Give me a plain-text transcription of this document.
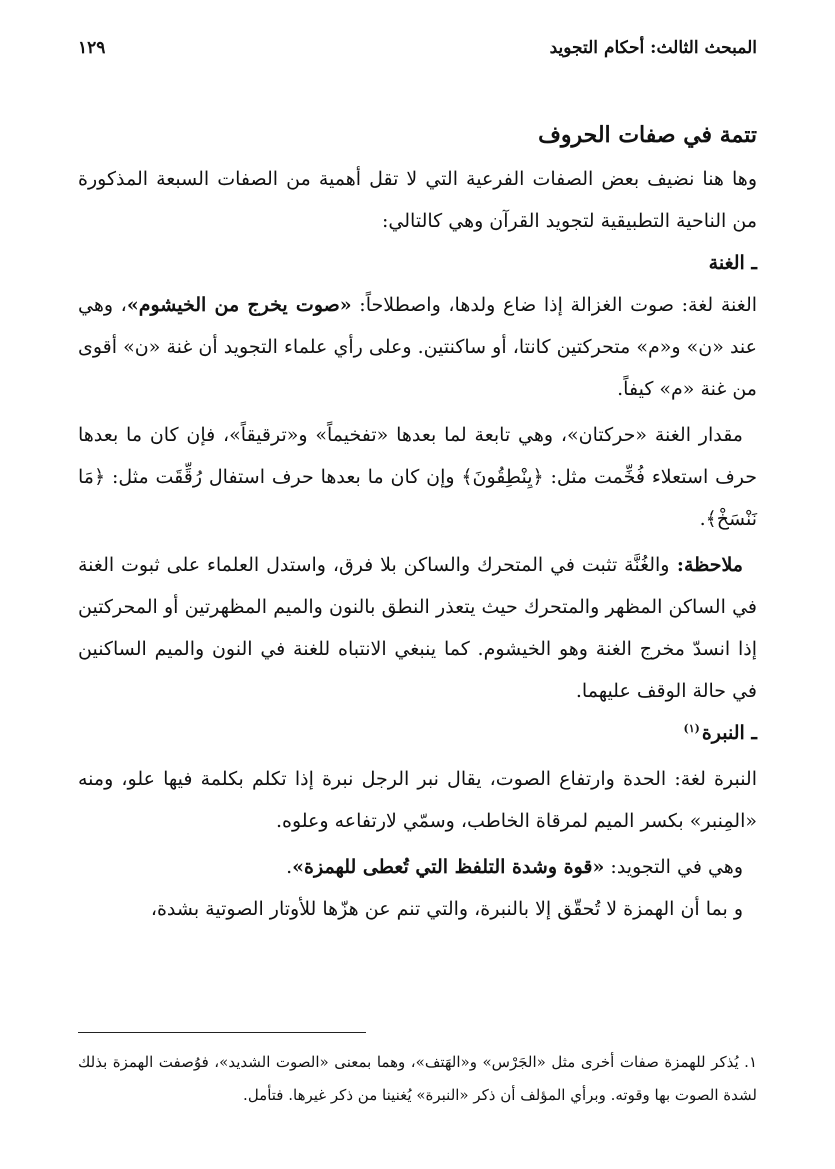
المبحث الثالث: أحكام التجويد
١٢٩
تتمة في صفات الحروف

وها هنا نضيف بعض الصفات الفرعية التي لا تقل أهمية من الصفات السبعة المذكورة من الناحية التطبيقية لتجويد القرآن وهي كالتالي:

ـ الغنة

الغنة لغة: صوت الغزالة إذا ضاع ولدها، واصطلاحاً: «صوت يخرج من الخيشوم»، وهي عند «ن» و«م» متحركتين كانتا، أو ساكنتين. وعلى رأي علماء التجويد أن غنة «ن» أقوى من غنة «م» كيفاً.

مقدار الغنة «حركتان»، وهي تابعة لما بعدها «تفخيماً» و«ترقيقاً»، فإن كان ما بعدها حرف استعلاء فُخِّمت مثل: ﴿يِنْطِقُونَ﴾ وإن كان ما بعدها حرف استفال رُقِّقَت مثل: ﴿مَا نَنْسَخْ﴾.

ملاحظة: والغُنَّة تثبت في المتحرك والساكن بلا فرق، واستدل العلماء على ثبوت الغنة في الساكن المظهر والمتحرك حيث يتعذر النطق بالنون والميم المظهرتين أو المحركتين إذا انسدّ مخرج الغنة وهو الخيشوم. كما ينبغي الانتباه للغنة في النون والميم الساكنين في حالة الوقف عليهما.

ـ النبرة$^{(١)}$

النبرة لغة: الحدة وارتفاع الصوت، يقال نبر الرجل نبرة إذا تكلم بكلمة فيها علو، ومنه «المِنبر» بكسر الميم لمرقاة الخاطب، وسمّي لارتفاعه وعلوه.

وهي في التجويد: «قوة وشدة التلفظ التي تُعطى للهمزة».

و بما أن الهمزة لا تُحقّق إلا بالنبرة، والتي تنم عن هزّها للأوتار الصوتية بشدة،

١. يُذكر للهمزة صفات أخرى مثل «الجَرْس» و«الهَتف»، وهما بمعنى «الصوت الشديد»، فوُصفت الهمزة بذلك لشدة الصوت بها وقوته. وبرأي المؤلف أن ذكر «النبرة» يُغنينا من ذكر غيرها. فتأمل.
